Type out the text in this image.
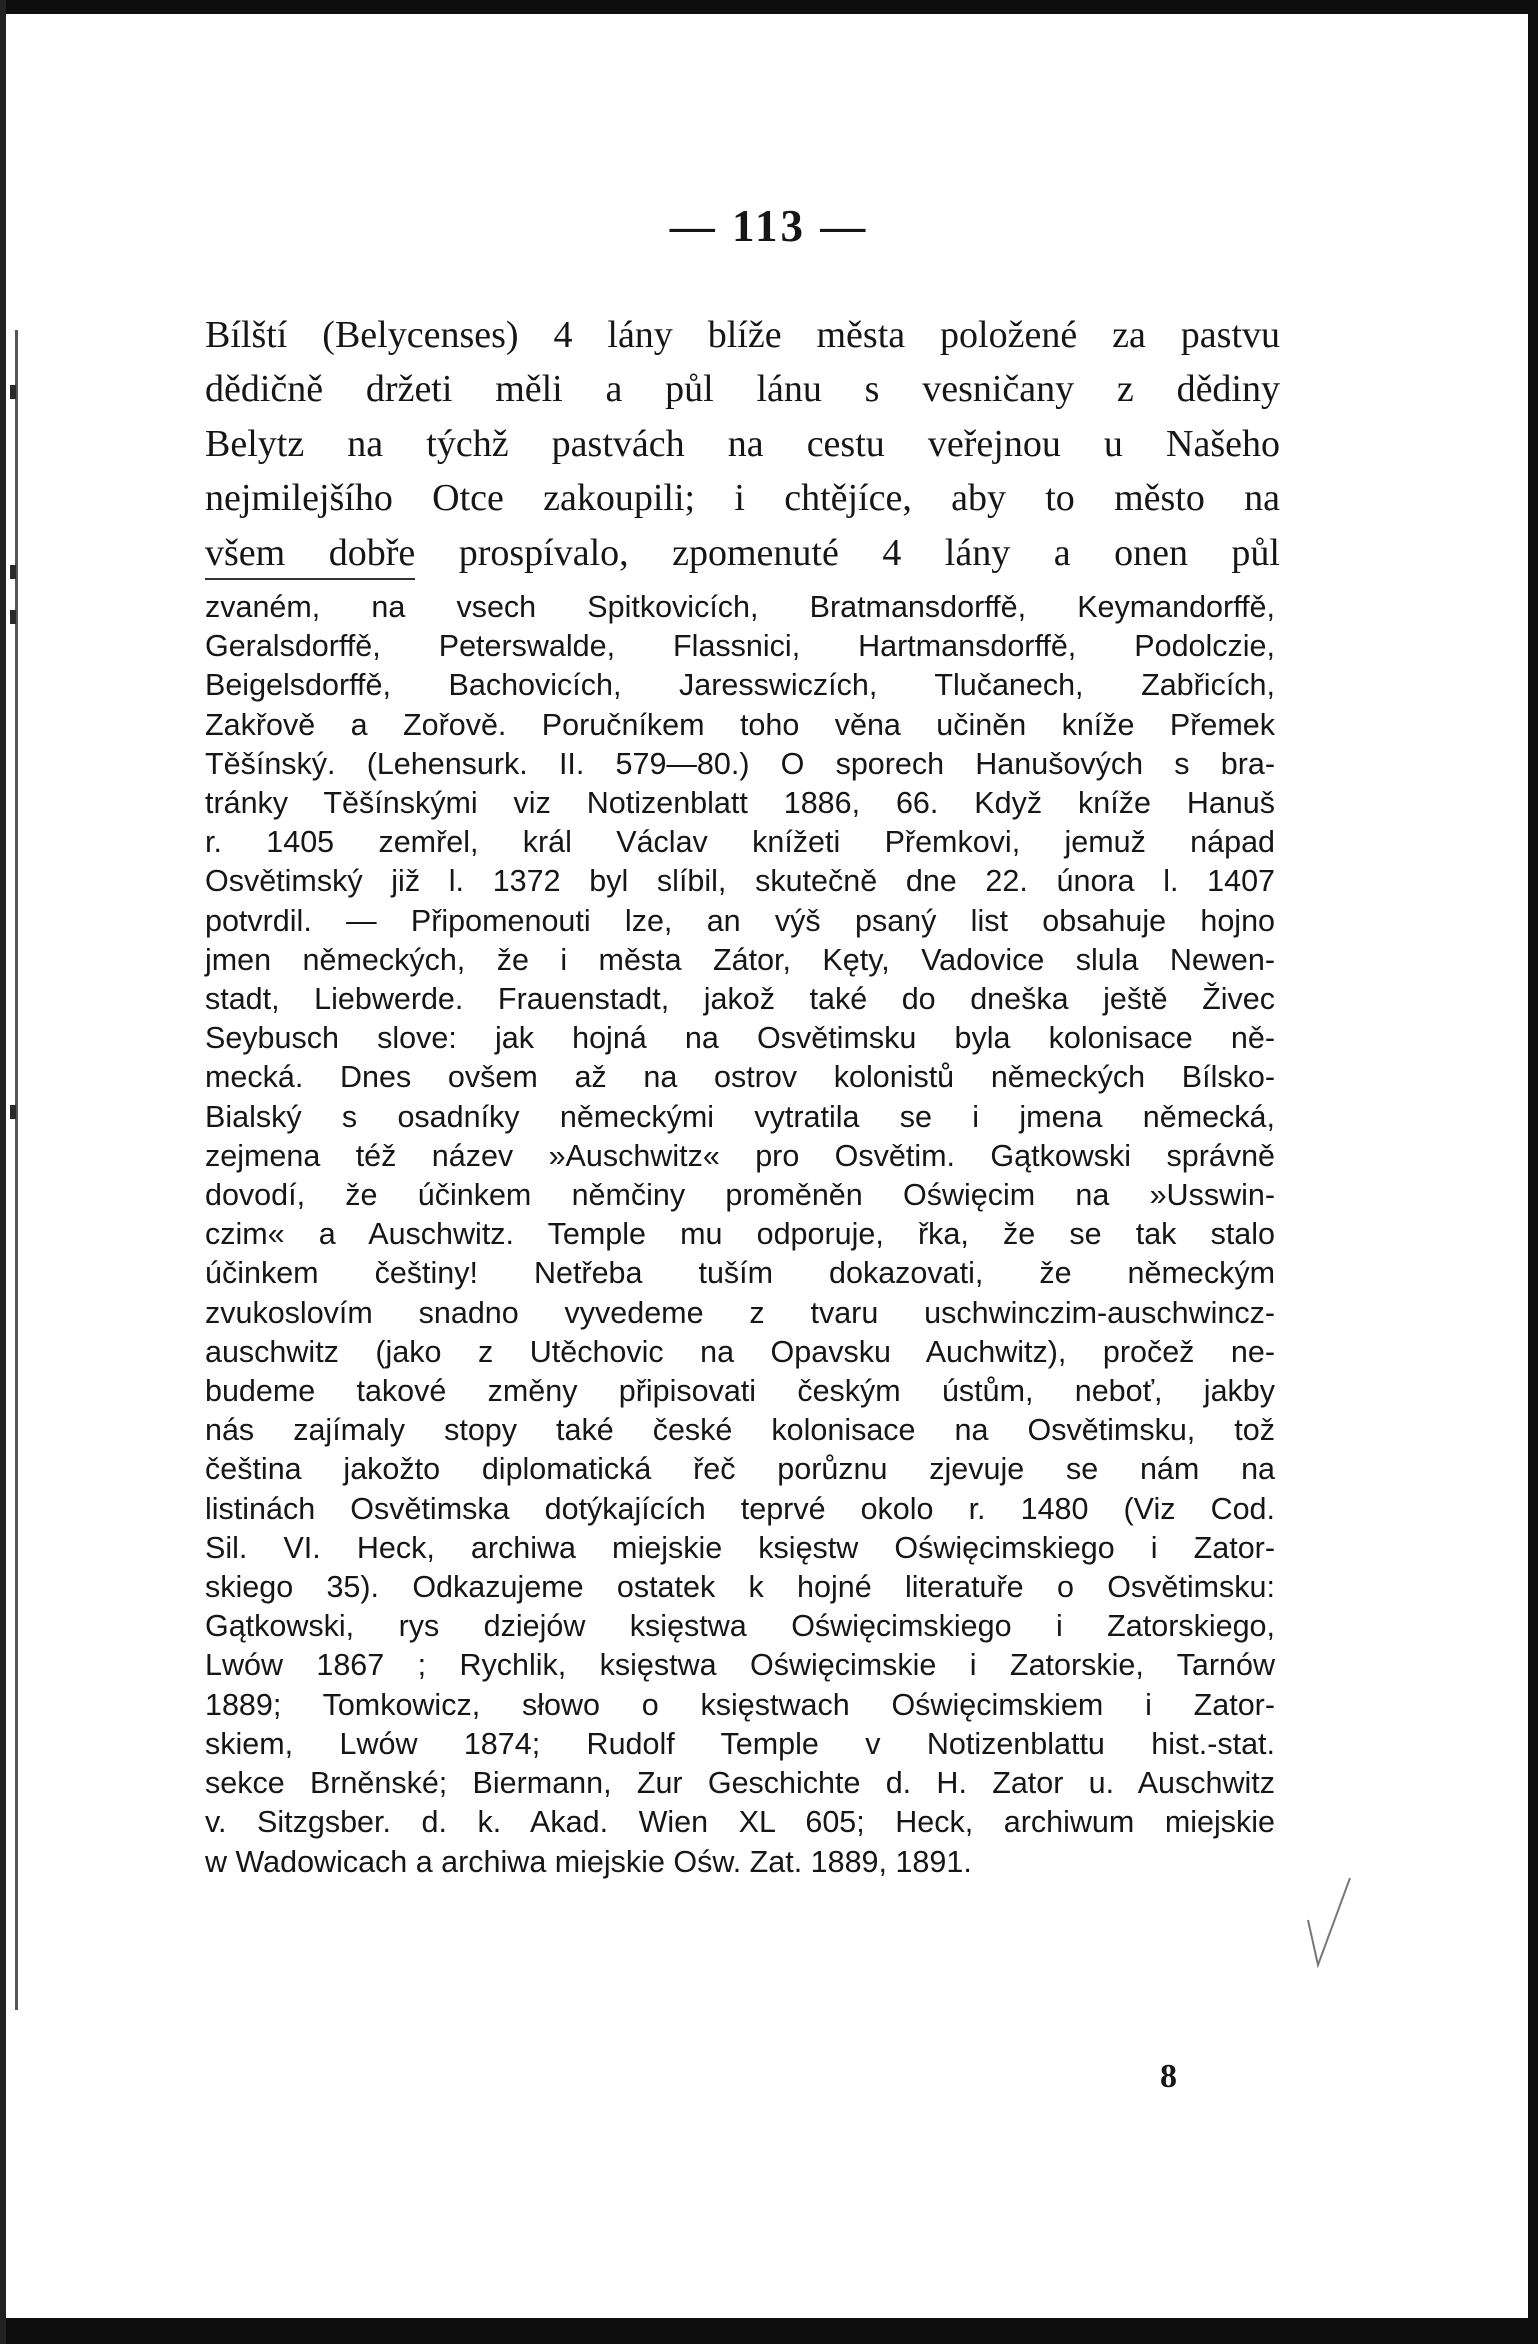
— 113 —
Bílští (Belycenses) 4 lány blíže města položené za pastvu
dědičně držeti měli a půl lánu s vesničany z dědiny
Belytz na týchž pastvách na cestu veřejnou u Našeho
nejmilejšího Otce zakoupili; i chtějíce, aby to město na
všem dobře prospívalo, zpomenuté 4 lány a onen půl
zvaném, na vsech Spitkovicích, Bratmansdorffě, Keymandorffě,
Geralsdorffě, Peterswalde, Flassnici, Hartmansdorffě, Podolczie,
Beigelsdorffě, Bachovicích, Jaresswiczích, Tlučanech, Zabřicích,
Zakřově a Zořově. Poručníkem toho věna učiněn kníže Přemek
Těšínský. (Lehensurk. II. 579—80.) O sporech Hanušových s bra-
tránky Těšínskými viz Notizenblatt 1886, 66. Když kníže Hanuš
r. 1405 zemřel, král Václav knížeti Přemkovi, jemuž nápad
Osvětimský již l. 1372 byl slíbil, skutečně dne 22. února l. 1407
potvrdil. — Připomenouti lze, an výš psaný list obsahuje hojno
jmen německých, že i města Zátor, Kęty, Vadovice slula Newen-
stadt, Liebwerde. Frauenstadt, jakož také do dneška ještě Živec
Seybusch slove: jak hojná na Osvětimsku byla kolonisace ně-
mecká. Dnes ovšem až na ostrov kolonistů německých Bílsko-
Bialský s osadníky německými vytratila se i jmena německá,
zejmena též název »Auschwitz« pro Osvětim. Gątkowski správně
dovodí, že účinkem němčiny proměněn Oświęcim na »Usswin-
czim« a Auschwitz. Temple mu odporuje, řka, že se tak stalo
účinkem češtiny! Netřeba tuším dokazovati, že německým
zvukoslovím snadno vyvedeme z tvaru uschwinczim-auschwincz-
auschwitz (jako z Utěchovic na Opavsku Auchwitz), pročež ne-
budeme takové změny připisovati českým ústům, neboť, jakby
nás zajímaly stopy také české kolonisace na Osvětimsku, tož
čeština jakožto diplomatická řeč porůznu zjevuje se nám na
listinách Osvětimska dotýkajících teprvé okolo r. 1480 (Viz Cod.
Sil. VI. Heck, archiwa miejskie księstw Oświęcimskiego i Zator-
skiego 35). Odkazujeme ostatek k hojné literatuře o Osvětimsku:
Gątkowski, rys dziejów księstwa Oświęcimskiego i Zatorskiego,
Lwów 1867 ; Rychlik, księstwa Oświęcimskie i Zatorskie, Tarnów
1889; Tomkowicz, słowo o księstwach Oświęcimskiem i Zator-
skiem, Lwów 1874; Rudolf Temple v Notizenblattu hist.-stat.
sekce Brněnské; Biermann, Zur Geschichte d. H. Zator u. Auschwitz
v. Sitzgsber. d. k. Akad. Wien XL 605; Heck, archiwum miejskie
w Wadowicach a archiwa miejskie Ośw. Zat. 1889, 1891.
8
